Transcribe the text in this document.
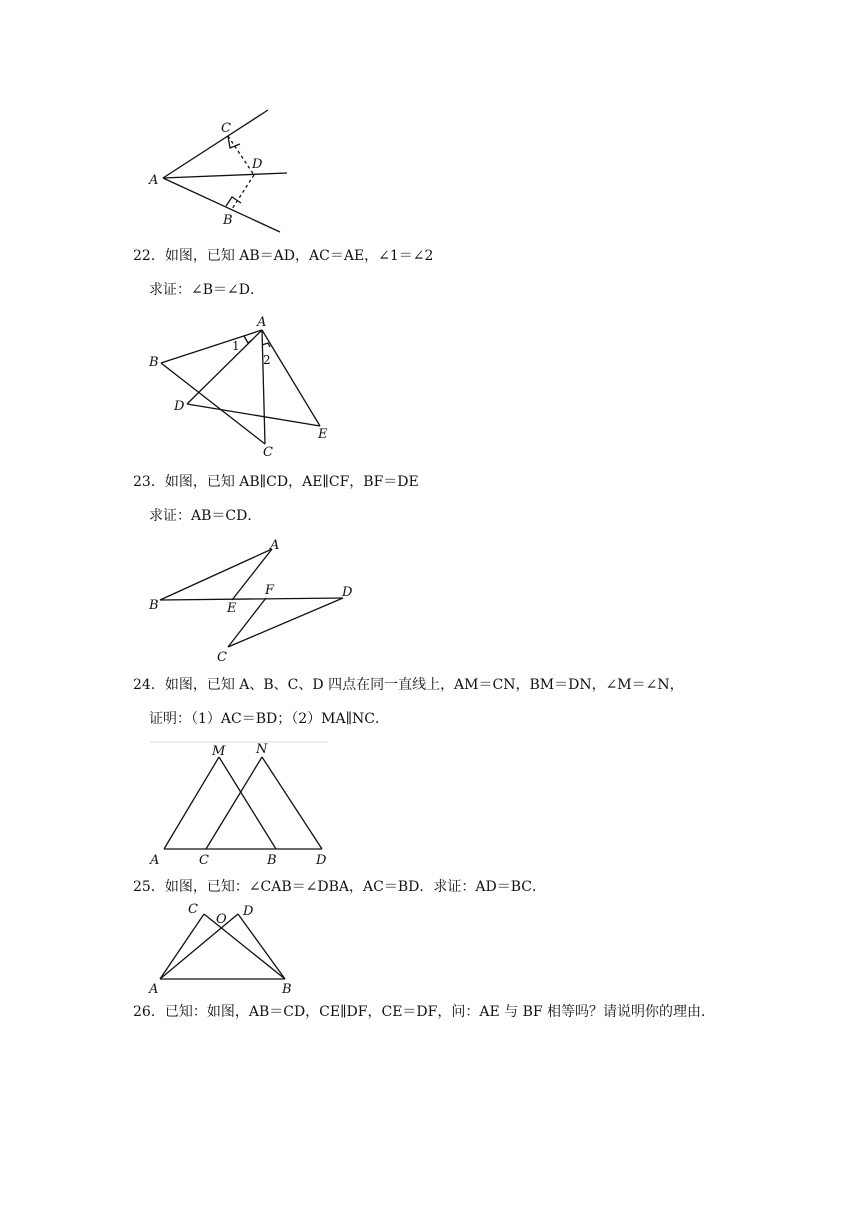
A
C
D
B
22．如图，已知 AB＝AD，AC＝AE，∠1＝∠2
求证：∠B＝∠D．
A
B
D
C
E
1
2
23．如图，已知 AB∥CD，AE∥CF，BF＝DE
求证：AB＝CD．
A
B	E
F	D
C
24．如图，已知 A、B、C、D 四点在同一直线上，AM＝CN，BM＝DN，∠M＝∠N，
证明：（1）AC＝BD；（2）MA∥NC．
M N
A	C	B	D
25．如图，已知：∠CAB＝∠DBA，AC＝BD．求证：AD＝BC．
C
O
D
A	B
26．已知：如图，AB＝CD，CE∥DF，CE＝DF，问：AE 与 BF 相等吗？请说明你的理由．
